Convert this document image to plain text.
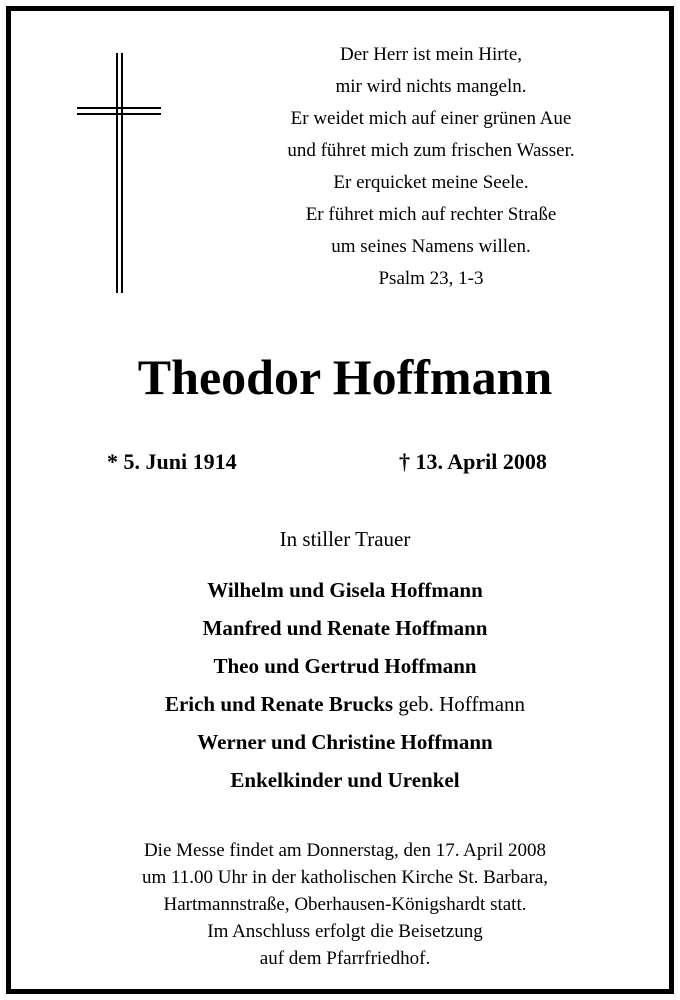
Der Herr ist mein Hirte,
mir wird nichts mangeln.
Er weidet mich auf einer grünen Aue
und führet mich zum frischen Wasser.
Er erquicket meine Seele.
Er führet mich auf rechter Straße
um seines Namens willen.
Psalm 23, 1-3
Theodor Hoffmann
* 5. Juni 1914	† 13. April 2008
In stiller Trauer
Wilhelm und Gisela Hoffmann
Manfred und Renate Hoffmann
Theo und Gertrud Hoffmann
Erich und Renate Brucks geb. Hoffmann
Werner und Christine Hoffmann
Enkelkinder und Urenkel
Die Messe findet am Donnerstag, den 17. April 2008
um 11.00 Uhr in der katholischen Kirche St. Barbara,
Hartmannstraße, Oberhausen-Königshardt statt.
Im Anschluss erfolgt die Beisetzung
auf dem Pfarrfriedhof.
